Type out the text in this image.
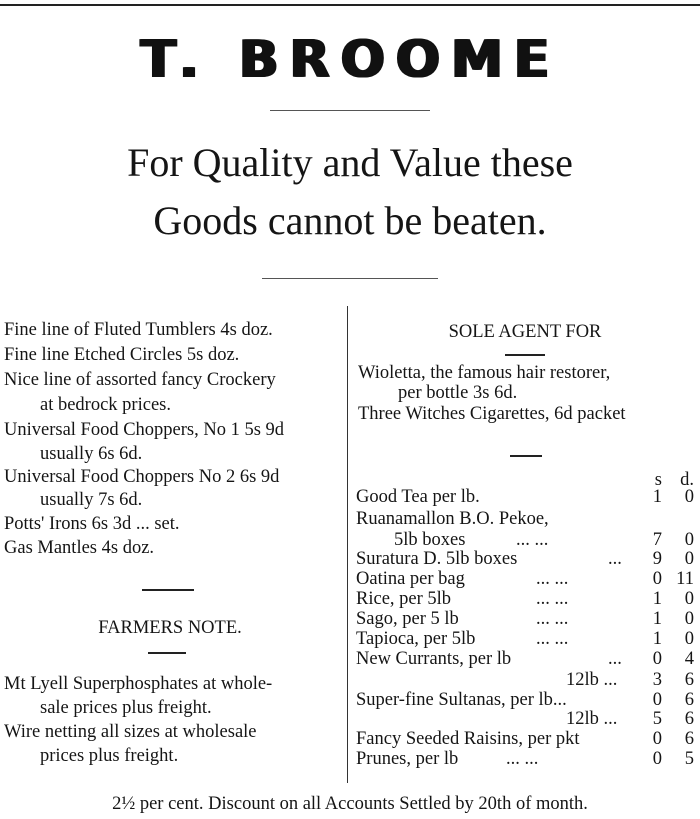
T. BROOME
For Quality and Value these
Goods cannot be beaten.
Fine line of Fluted Tumblers 4s doz.
Fine line Etched Circles 5s doz.
Nice line of assorted fancy Crockery
at bedrock prices.
Universal Food Choppers, No 1 5s 9d
usually 6s 6d.
Universal Food Choppers No 2 6s 9d
usually 7s 6d.
Potts' Irons 6s 3d ... set.
Gas Mantles 4s doz.
FARMERS NOTE.
Mt Lyell Superphosphates at whole-
sale prices plus freight.
Wire netting all sizes at wholesale
prices plus freight.
SOLE AGENT FOR
Wioletta, the famous hair restorer,
per bottle 3s 6d.
Three Witches Cigarettes, 6d packet
s d.
Good Tea per lb.	1	0
Ruanamallon B.O. Pekoe,
5lb boxes	... ...	7	0
Suratura D. 5lb boxes	...	9	0
Oatina per bag	... ...	0 11
Rice, per 5lb	... ...	1	0
Sago, per 5 lb	... ...	1	0
Tapioca, per 5lb	... ...	1	0
New Currants, per lb	...	0	4
12lb ...	3	6
Super-fine Sultanas, per lb...	0	6
12lb ...	5	6
Fancy Seeded Raisins, per pkt	0	6
Prunes, per lb	... ...	0	5
2½ per cent. Discount on all Accounts Settled by 20th of month.
